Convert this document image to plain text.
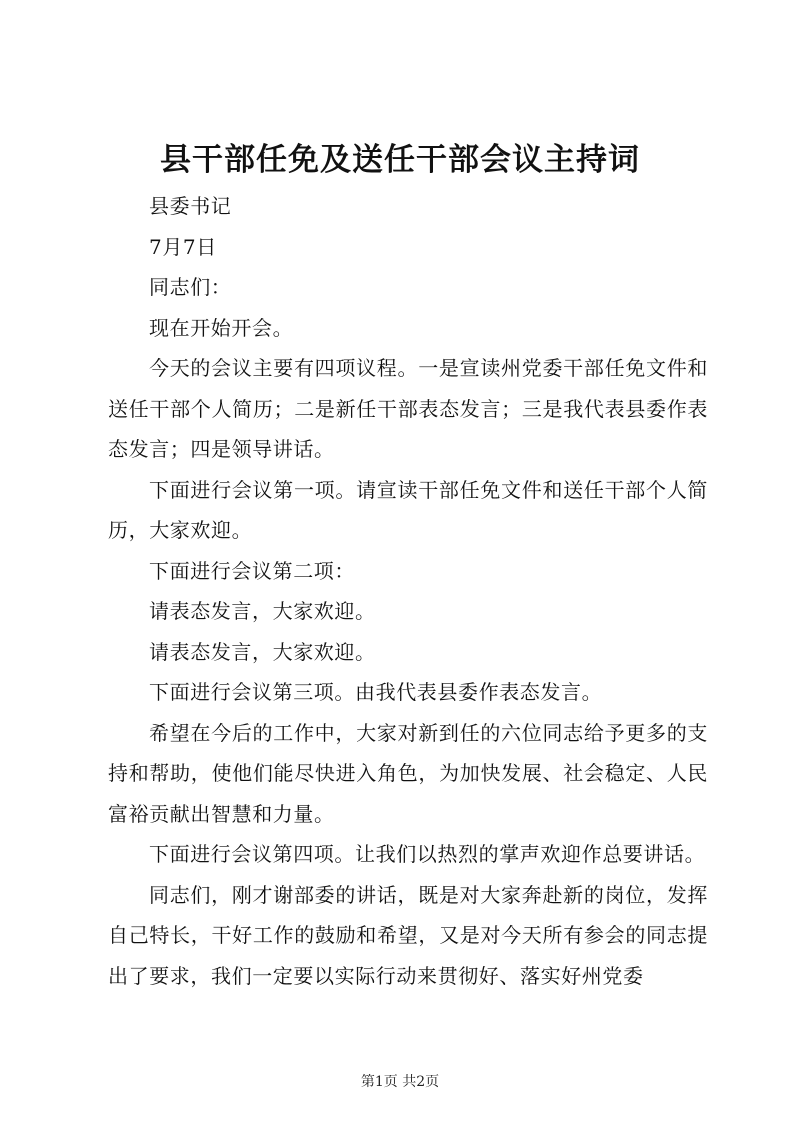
县干部任免及送任干部会议主持词

县委书记

7月7日

同志们：

现在开始开会。

今天的会议主要有四项议程。一是宣读州党委干部任免文件和送任干部个人简历；二是新任干部表态发言；三是我代表县委作表态发言；四是领导讲话。

下面进行会议第一项。请宣读干部任免文件和送任干部个人简历，大家欢迎。

下面进行会议第二项：

请表态发言，大家欢迎。

请表态发言，大家欢迎。

下面进行会议第三项。由我代表县委作表态发言。

希望在今后的工作中，大家对新到任的六位同志给予更多的支持和帮助，使他们能尽快进入角色，为加快发展、社会稳定、人民富裕贡献出智慧和力量。

下面进行会议第四项。让我们以热烈的掌声欢迎作总要讲话。

同志们，刚才谢部委的讲话，既是对大家奔赴新的岗位，发挥自己特长，干好工作的鼓励和希望，又是对今天所有参会的同志提出了要求，我们一定要以实际行动来贯彻好、落实好州党委

第1页 共2页
